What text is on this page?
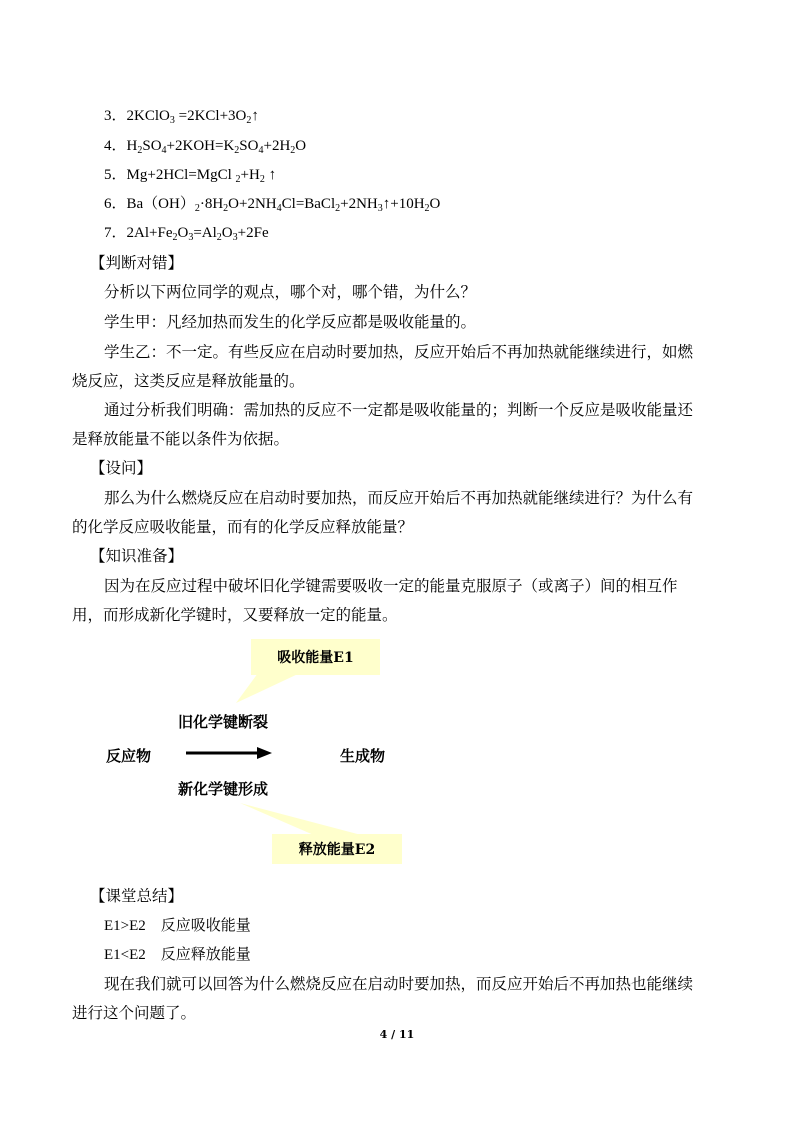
3．2KClO$_3$ $=2KCl+3O_2↑$
4．$H_2SO_4+2KOH=K_2SO_4+2H_2O$
5．Mg+2HCl=MgCl $_2+H_2$ ↑
6．$Ba(OH)_2\cdot 8H_2O+2NH_4Cl=BaCl_2+2NH_3↑+10H_2O$
7．$2Al+Fe_2O_3=Al_2O_3+2Fe$
【判断对错】
分析以下两位同学的观点，哪个对，哪个错，为什么？
学生甲：凡经加热而发生的化学反应都是吸收能量的。
学生乙：不一定。有些反应在启动时要加热，反应开始后不再加热就能继续进行，如燃
烧反应，这类反应是释放能量的。
通过分析我们明确：需加热的反应不一定都是吸收能量的；判断一个反应是吸收能量还
是释放能量不能以条件为依据。
【设问】
那么为什么燃烧反应在启动时要加热，而反应开始后不再加热就能继续进行？为什么有
的化学反应吸收能量，而有的化学反应释放能量？
【知识准备】
因为在反应过程中破坏旧化学键需要吸收一定的能量克服原子（或离子）间的相互作
用，而形成新化学键时，又要释放一定的能量。
吸收能量E1
释放能量E2
旧化学键断裂
反应物	生成物
新化学键形成
【课堂总结】
E1>E2　反应吸收能量
E1<E2　反应释放能量
现在我们就可以回答为什么燃烧反应在启动时要加热，而反应开始后不再加热也能继续
进行这个问题了。
4 / 11
